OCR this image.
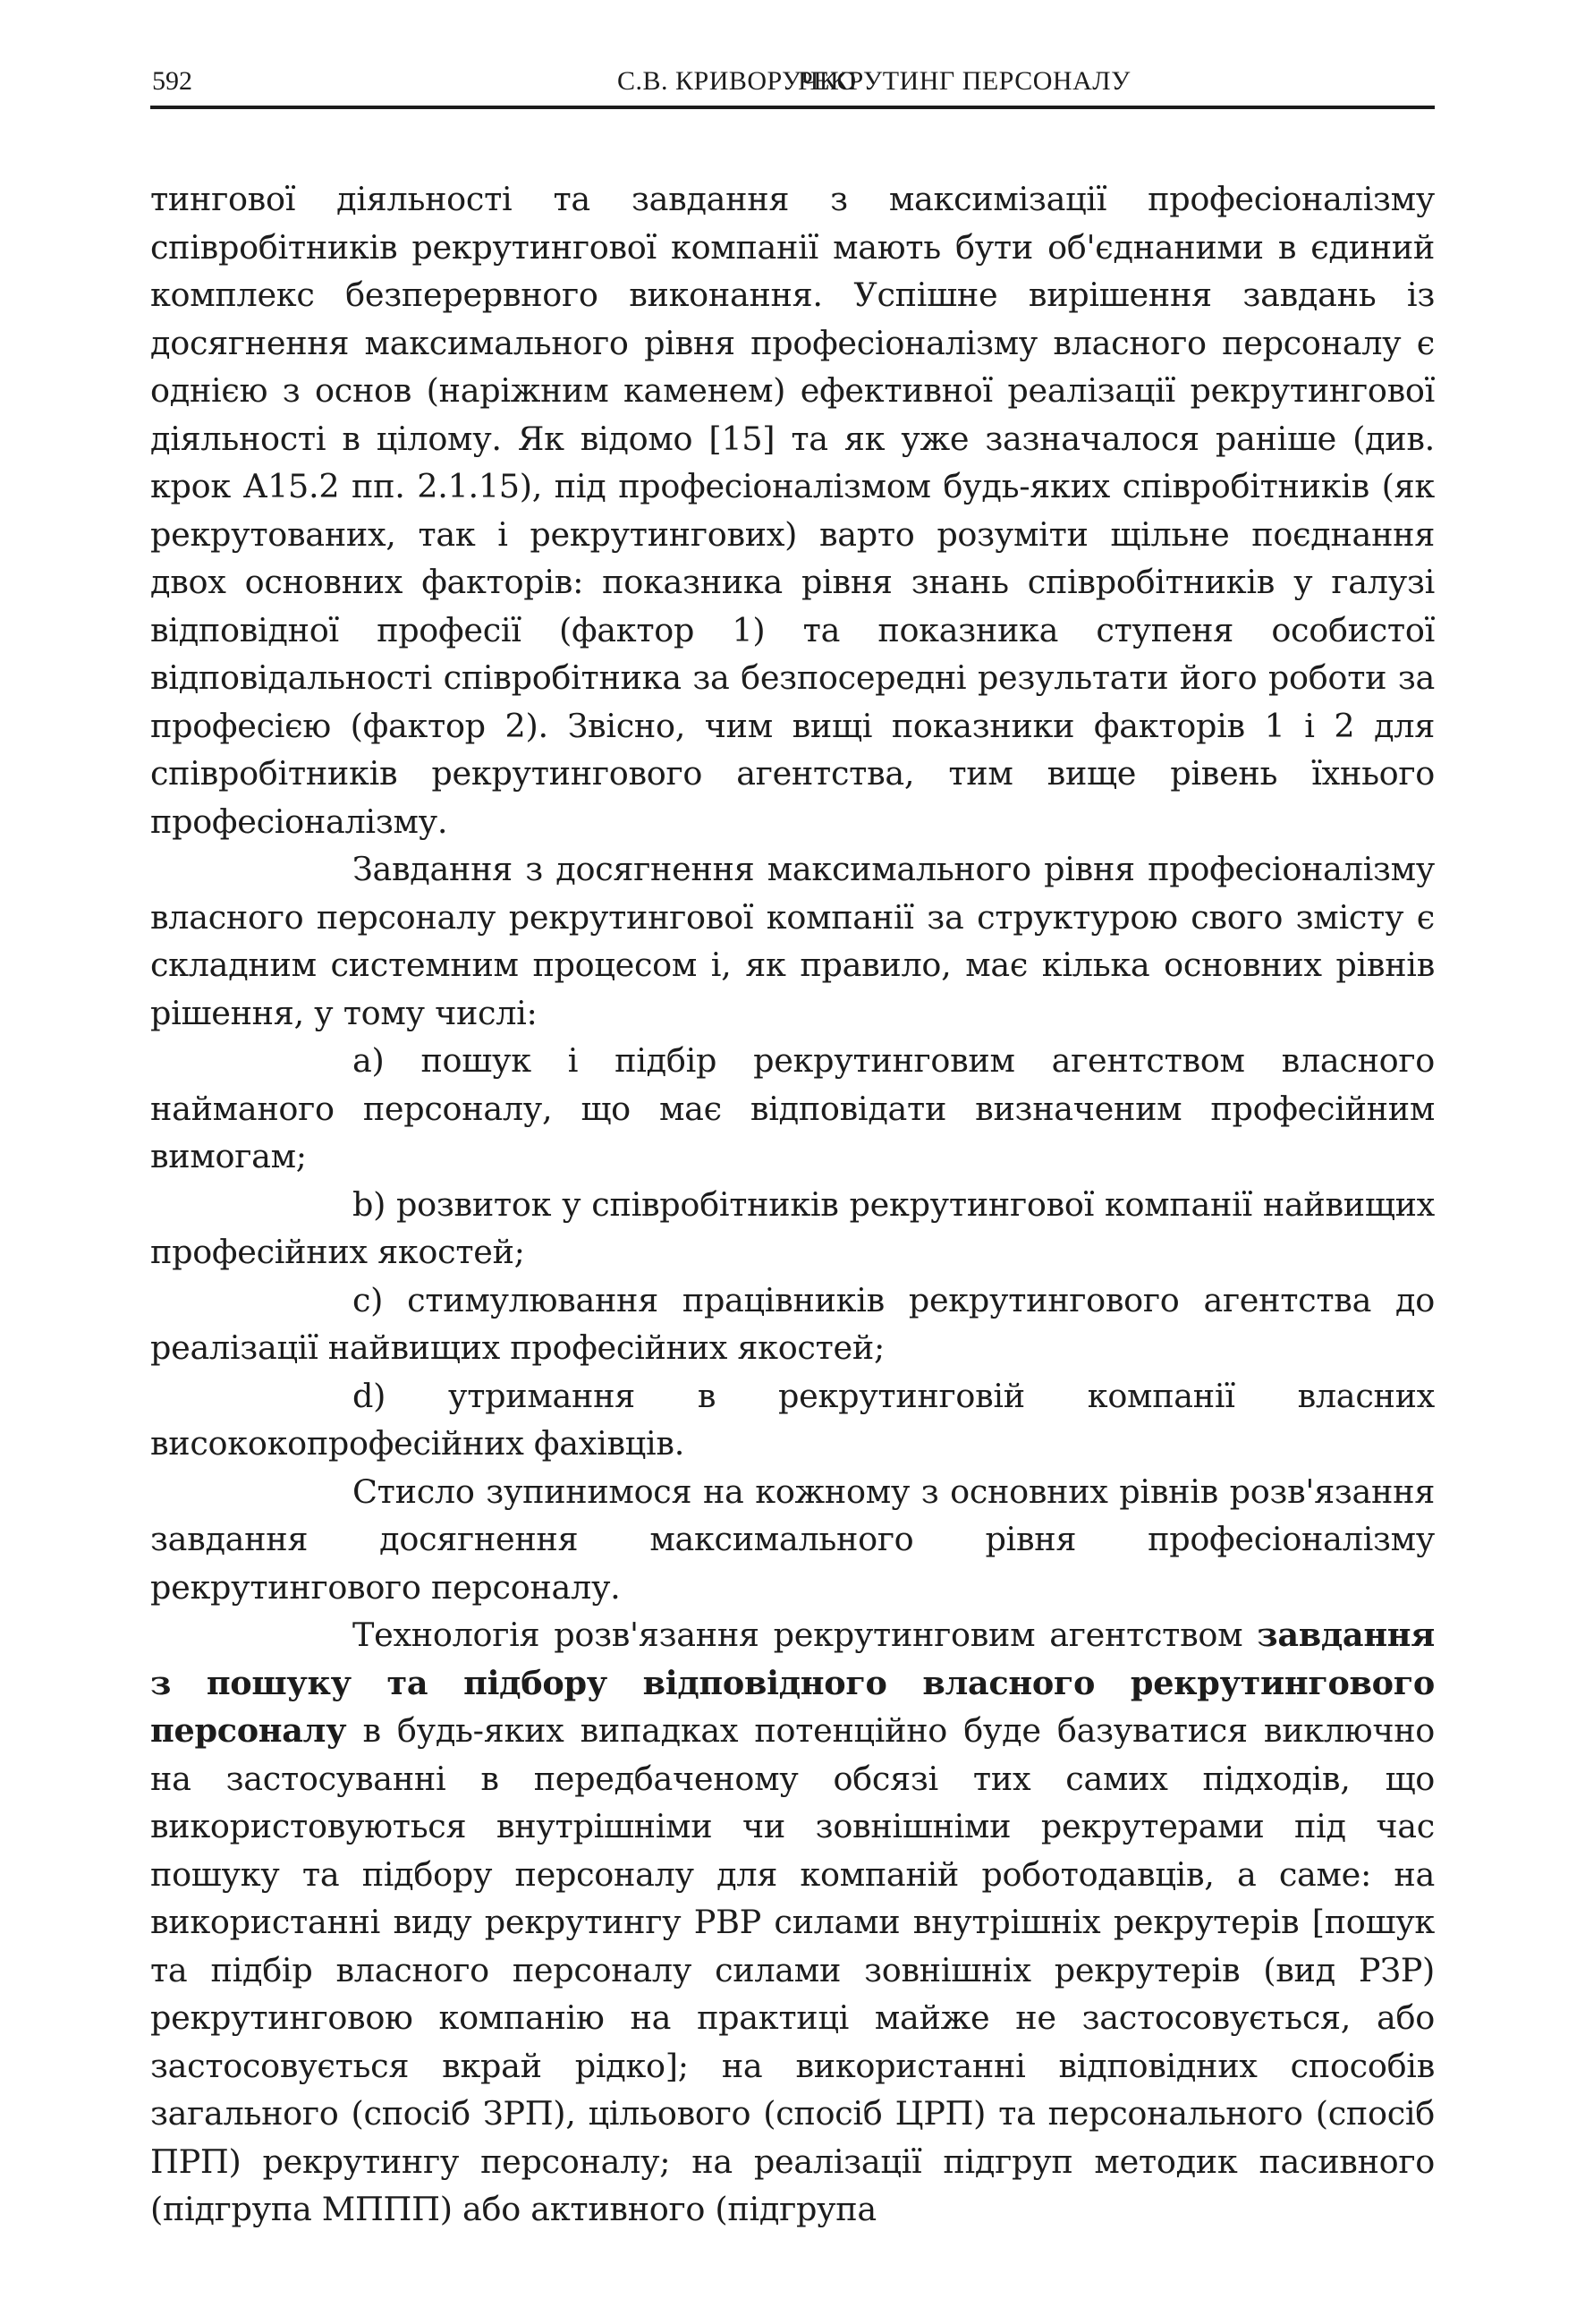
592	С.В. КРИВОРУЧКО
РЕКРУТИНГ ПЕРСОНАЛУ

тингової діяльності та завдання з максимізації професіоналізму співробітників рекрутингової компанії мають бути об'єднаними в єдиний комплекс безперервного виконання. Успішне вирішення завдань із досягнення максимального рівня професіоналізму власного персоналу є однією з основ (наріжним каменем) ефективної реалізації рекрутингової діяльності в цілому. Як відомо [15] та як уже зазначалося раніше (див. крок А15.2 пп. 2.1.15), під професіоналізмом будь-яких співробітників (як рекрутованих, так і рекрутингових) варто розуміти щільне поєднання двох основних факторів: показника рівня знань співробітників у галузі відповідної професії (фактор 1) та показника ступеня особистої відповідальності співробітника за безпосередні результати його роботи за професією (фактор 2). Звісно, чим вищі показники факторів 1 і 2 для співробітників рекрутингового агентства, тим вище рівень їхнього професіоналізму.

Завдання з досягнення максимального рівня професіоналізму власного персоналу рекрутингової компанії за структурою свого змісту є складним системним процесом і, як правило, має кілька основних рівнів рішення, у тому числі:

a) пошук і підбір рекрутинговим агентством власного найманого персоналу, що має відповідати визначеним професійним вимогам;

b) розвиток у співробітників рекрутингової компанії найвищих професійних якостей;

c) стимулювання працівників рекрутингового агентства до реалізації найвищих професійних якостей;

d) утримання в рекрутинговій компанії власних висококопрофесійних фахівців.

Стисло зупинимося на кожному з основних рівнів розв'язання завдання досягнення максимального рівня професіоналізму рекрутингового персоналу.

Технологія розв'язання рекрутинговим агентством завдання з пошуку та підбору відповідного власного рекрутингового персоналу в будь-яких випадках потенційно буде базуватися виключно на застосуванні в передбаченому обсязі тих самих підходів, що використовуються внутрішніми чи зовнішніми рекрутерами під час пошуку та підбору персоналу для компаній роботодавців, а саме: на використанні виду рекрутингу РВР силами внутрішніх рекрутерів [пошук та підбір власного персоналу силами зовнішніх рекрутерів (вид РЗР) рекрутинговою компанію на практиці майже не застосовується, або застосовується вкрай рідко]; на використанні відповідних способів загального (спосіб ЗРП), цільового (спосіб ЦРП) та персонального (спосіб ПРП) рекрутингу персоналу; на реалізації підгруп методик пасивного (підгрупа МППП) або активного (підгрупа
